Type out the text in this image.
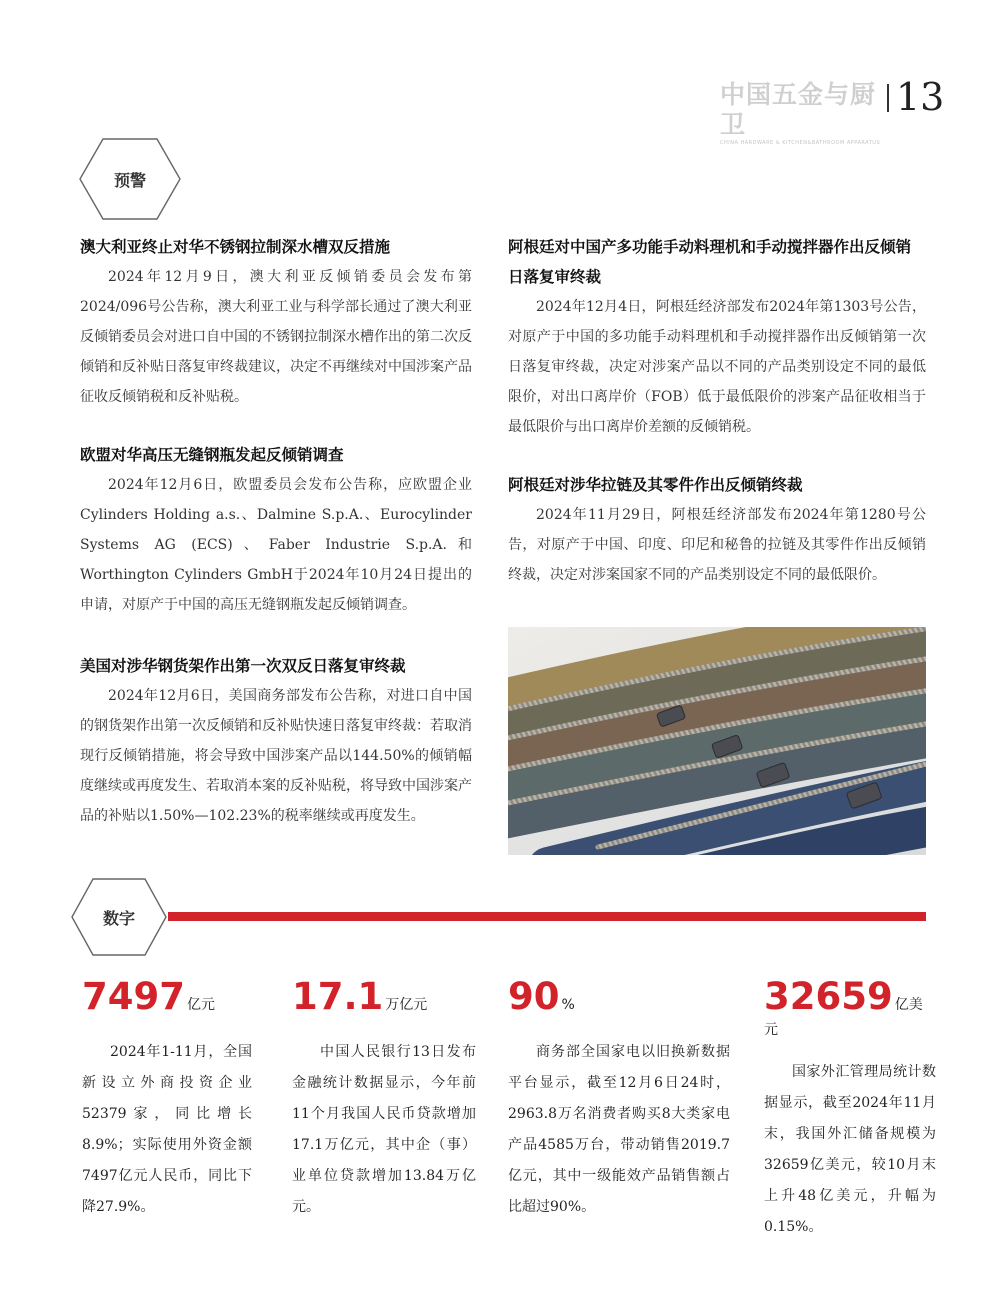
中国五金与厨卫
CHINA HARDWARE & KITCHEN&BATHROOM APPARATUS
13
预警
澳大利亚终止对华不锈钢拉制深水槽双反措施

2024年12月9日，澳大利亚反倾销委员会发布第2024/096号公告称，澳大利亚工业与科学部长通过了澳大利亚反倾销委员会对进口自中国的不锈钢拉制深水槽作出的第二次反倾销和反补贴日落复审终裁建议，决定不再继续对中国涉案产品征收反倾销税和反补贴税。

欧盟对华高压无缝钢瓶发起反倾销调查

2024年12月6日，欧盟委员会发布公告称，应欧盟企业Cylinders Holding a.s.、Dalmine S.p.A.、Eurocylinder Systems AG (ECS)、Faber Industrie S.p.A.和Worthington Cylinders GmbH于2024年10月24日提出的申请，对原产于中国的高压无缝钢瓶发起反倾销调查。

美国对涉华钢货架作出第一次双反日落复审终裁

2024年12月6日，美国商务部发布公告称，对进口自中国的钢货架作出第一次反倾销和反补贴快速日落复审终裁：若取消现行反倾销措施，将会导致中国涉案产品以144.50%的倾销幅度继续或再度发生、若取消本案的反补贴税，将导致中国涉案产品的补贴以1.50%—102.23%的税率继续或再度发生。

阿根廷对中国产多功能手动料理机和手动搅拌器作出反倾销日落复审终裁

2024年12月4日，阿根廷经济部发布2024年第1303号公告，对原产于中国的多功能手动料理机和手动搅拌器作出反倾销第一次日落复审终裁，决定对涉案产品以不同的产品类别设定不同的最低限价，对出口离岸价（FOB）低于最低限价的涉案产品征收相当于最低限价与出口离岸价差额的反倾销税。

阿根廷对涉华拉链及其零件作出反倾销终裁

2024年11月29日，阿根廷经济部发布2024年第1280号公告，对原产于中国、印度、印尼和秘鲁的拉链及其零件作出反倾销终裁，决定对涉案国家不同的产品类别设定不同的最低限价。

数字
7497 亿元

2024年1-11月，全国新设立外商投资企业52379家，同比增长8.9%；实际使用外资金额7497亿元人民币，同比下降27.9%。

17.1 万亿元

中国人民银行13日发布金融统计数据显示，今年前11个月我国人民币贷款增加17.1万亿元，其中企（事）业单位贷款增加13.84万亿元。

90 %

商务部全国家电以旧换新数据平台显示，截至12月6日24时，2963.8万名消费者购买8大类家电产品4585万台，带动销售2019.7亿元，其中一级能效产品销售额占比超过90%。

32659 亿美元

国家外汇管理局统计数据显示，截至2024年11月末，我国外汇储备规模为32659亿美元，较10月末上升48亿美元，升幅为0.15%。
